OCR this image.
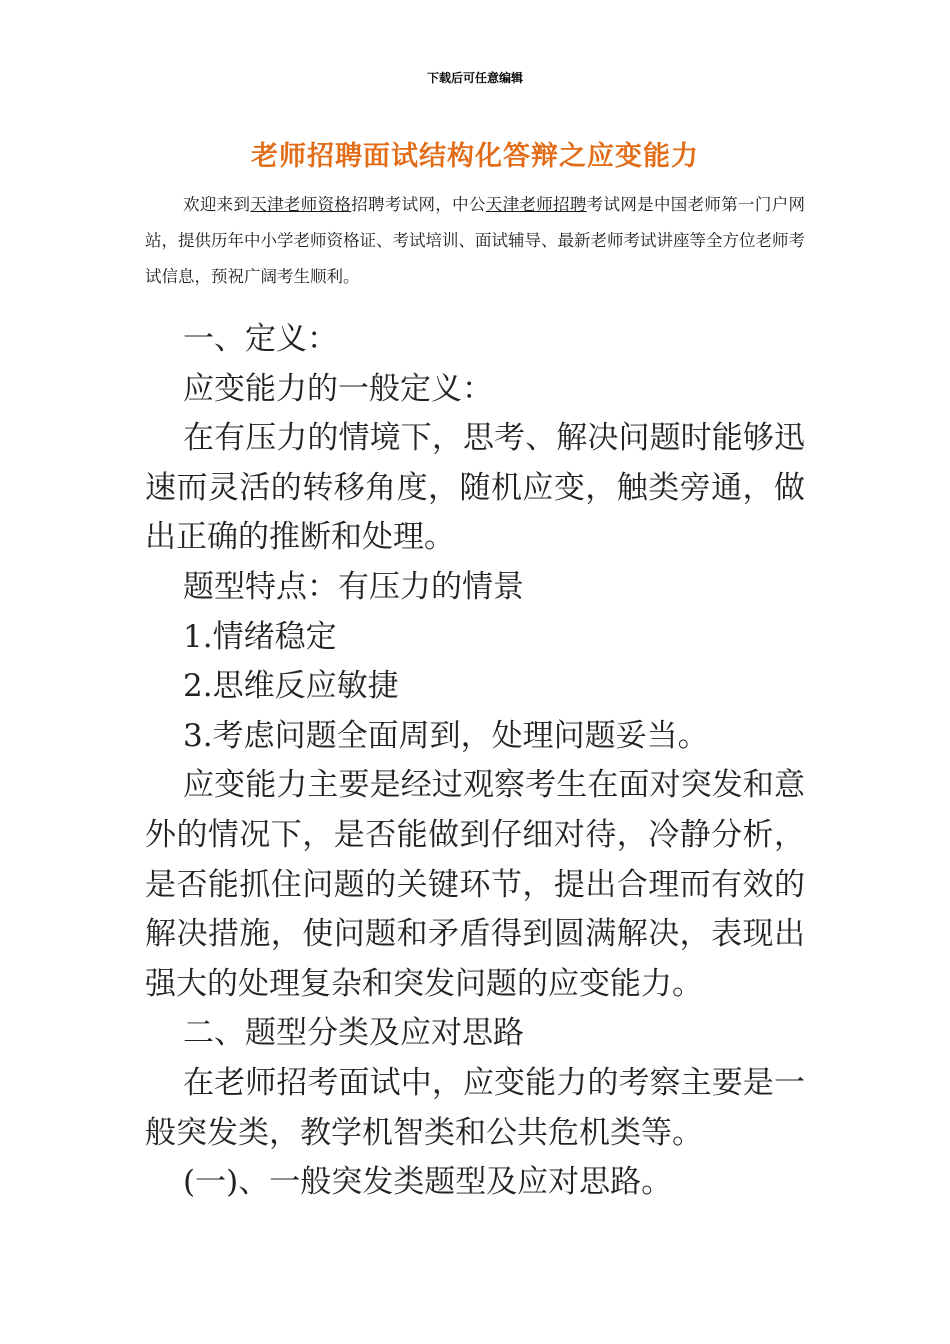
下载后可任意编辑
老师招聘面试结构化答辩之应变能力
欢迎来到天津老师资格招聘考试网，中公天津老师招聘考试网是中国老师第一门户网站，提供历年中小学老师资格证、考试培训、面试辅导、最新老师考试讲座等全方位老师考试信息，预祝广阔考生顺利。

一、定义：

应变能力的一般定义：

在有压力的情境下，思考、解决问题时能够迅速而灵活的转移角度，随机应变，触类旁通，做出正确的推断和处理。

题型特点：有压力的情景

1.情绪稳定

2.思维反应敏捷

3.考虑问题全面周到，处理问题妥当。

应变能力主要是经过观察考生在面对突发和意外的情况下，是否能做到仔细对待，冷静分析，是否能抓住问题的关键环节，提出合理而有效的解决措施，使问题和矛盾得到圆满解决，表现出强大的处理复杂和突发问题的应变能力。

二、题型分类及应对思路

在老师招考面试中，应变能力的考察主要是一般突发类，教学机智类和公共危机类等。

(一)、一般突发类题型及应对思路。
